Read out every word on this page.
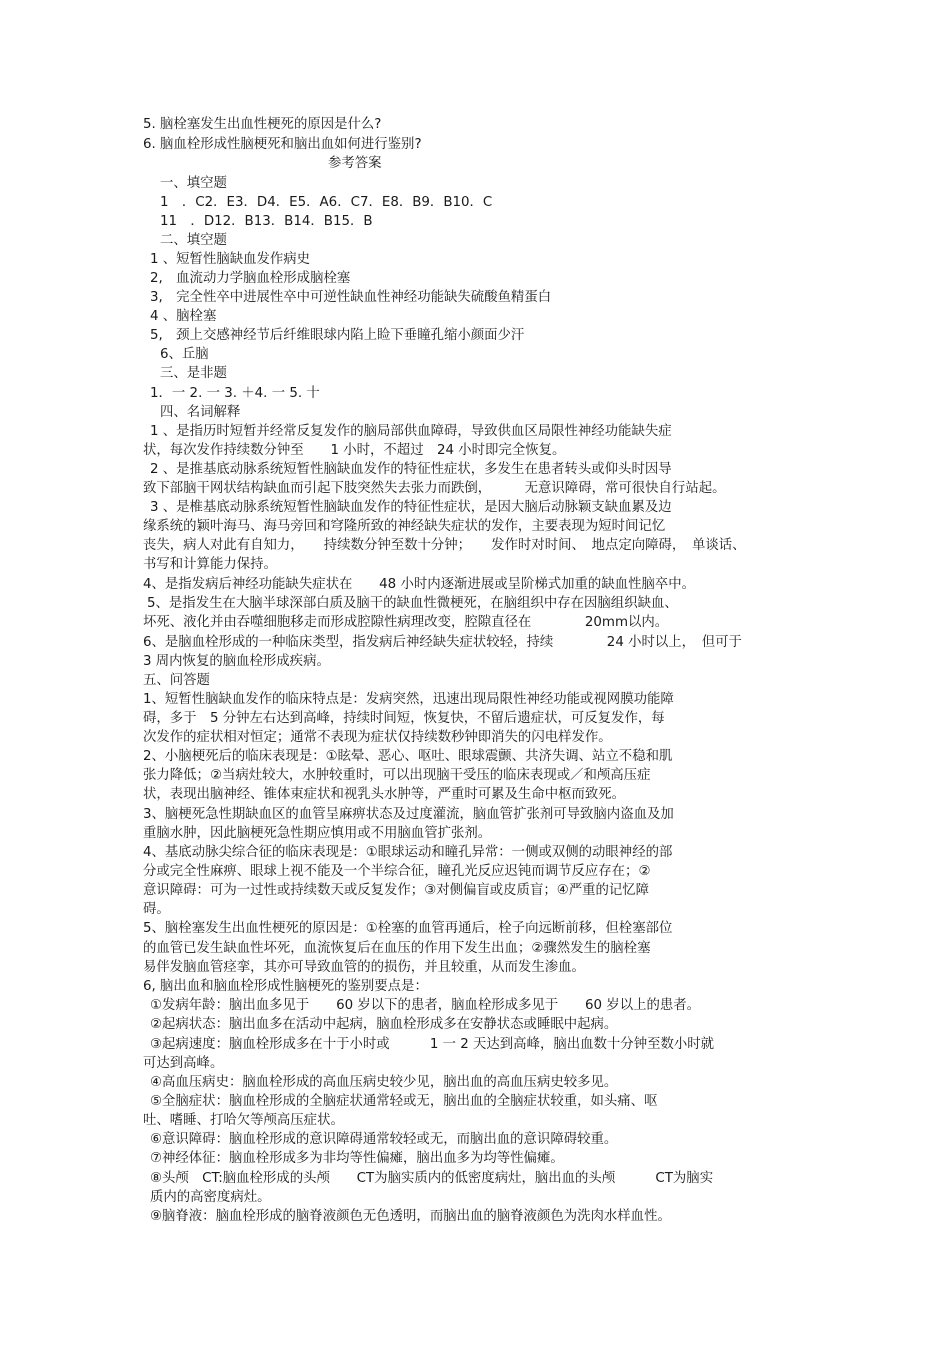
5. 脑栓塞发生出血性梗死的原因是什么?
6. 脑血栓形成性脑梗死和脑出血如何进行鉴别?
参考答案
一、填空题
1　．C2．E3．D4．E5．A6．C7．E8．B9．B10．C
11　．D12．B13．B14．B15．B
二、填空题
1 、短暂性脑缺血发作病史
2,　血流动力学脑血栓形成脑栓塞
3,　完全性卒中进展性卒中可逆性缺血性神经功能缺失硫酸鱼精蛋白
4 、脑栓塞
5,　颈上交感神经节后纤维眼球内陷上睑下垂瞳孔缩小颜面少汗
6、丘脑
三、是非题
1．一 2. 一 3. ＋4. 一 5. 十
四、名词解释
1 、是指历时短暂并经常反复发作的脑局部供血障碍，导致供血区局限性神经功能缺失症
状，每次发作持续数分钟至　　1 小时，不超过　24 小时即完全恢复。
2 、是推基底动脉系统短暂性脑缺血发作的特征性症状，多发生在患者转头或仰头时因导
致下部脑干网状结构缺血而引起下肢突然失去张力而跌倒，　　　无意识障碍，常可很快自行站起。
3 、是椎基底动脉系统短暂性脑缺血发作的特征性症状，是因大脑后动脉颖支缺血累及边
缘系统的颖叶海马、海马旁回和穹隆所致的神经缺失症状的发作，主要表现为短时间记忆
丧失，病人对此有自知力，　　持续数分钟至数十分钟；　　发作时对时间、　地点定向障碍，　单谈话、
书写和计算能力保持。
4、是指发病后神经功能缺失症状在　　48 小时内逐渐进展或呈阶梯式加重的缺血性脑卒中。
5、是指发生在大脑半球深部白质及脑干的缺血性微梗死，在脑组织中存在因脑组织缺血、
坏死、液化并由吞噬细胞移走而形成腔隙性病理改变，腔隙直径在　　　　20mm以内。
6、是脑血栓形成的一种临床类型，指发病后神经缺失症状较轻，持续　　　　24 小时以上，　但可于
3 周内恢复的脑血栓形成疾病。
五、问答题
1、短暂性脑缺血发作的临床特点是：发病突然，迅速出现局限性神经功能或视网膜功能障
碍，多于　5 分钟左右达到高峰，持续时间短，恢复快，不留后遗症状，可反复发作，每
次发作的症状相对恒定；通常不表现为症状仅持续数秒钟即消失的闪电样发作。
2、小脑梗死后的临床表现是：①眩晕、恶心、呕吐、眼球震颤、共济失调、站立不稳和肌
张力降低；②当病灶较大，水肿较重时，可以出现脑干受压的临床表现或／和颅高压症
状，表现出脑神经、锥体束症状和视乳头水肿等，严重时可累及生命中枢而致死。
3、脑梗死急性期缺血区的血管呈麻痹状态及过度灌流，脑血管扩张剂可导致脑内盗血及加
重脑水肿，因此脑梗死急性期应慎用或不用脑血管扩张剂。
4、基底动脉尖综合征的临床表现是：①眼球运动和瞳孔异常：一侧或双侧的动眼神经的部
分或完全性麻痹、眼球上视不能及一个半综合征，瞳孔光反应迟钝而调节反应存在；②
意识障碍：可为一过性或持续数天或反复发作；③对侧偏盲或皮质盲；④严重的记忆障
碍。
5、脑栓塞发生出血性梗死的原因是：①栓塞的血管再通后，栓子向远断前移，但栓塞部位
的血管已发生缺血性坏死，血流恢复后在血压的作用下发生出血；②骤然发生的脑栓塞
易伴发脑血管痉挛，其亦可导致血管的的损伤，并且较重，从而发生渗血。
6, 脑出血和脑血栓形成性脑梗死的鉴别要点是：
①发病年龄：脑出血多见于　　60 岁以下的患者，脑血栓形成多见于　　60 岁以上的患者。
②起病状态：脑出血多在活动中起病，脑血栓形成多在安静状态或睡眠中起病。
③起病速度：脑血栓形成多在十于小时或　　　1 一 2 天达到高峰，脑出血数十分钟至数小时就
可达到高峰。
④高血压病史：脑血栓形成的高血压病史较少见，脑出血的高血压病史较多见。
⑤全脑症状：脑血栓形成的全脑症状通常轻或无，脑出血的全脑症状较重，如头痛、呕
吐、嗜睡、打哈欠等颅高压症状。
⑥意识障碍：脑血栓形成的意识障碍通常较轻或无，而脑出血的意识障碍较重。
⑦神经体征：脑血栓形成多为非均等性偏瘫，脑出血多为均等性偏瘫。
⑧头颅　CT:脑血栓形成的头颅　　CT为脑实质内的低密度病灶，脑出血的头颅　　　CT为脑实
质内的高密度病灶。
⑨脑脊液：脑血栓形成的脑脊液颜色无色透明，而脑出血的脑脊液颜色为洗肉水样血性。
